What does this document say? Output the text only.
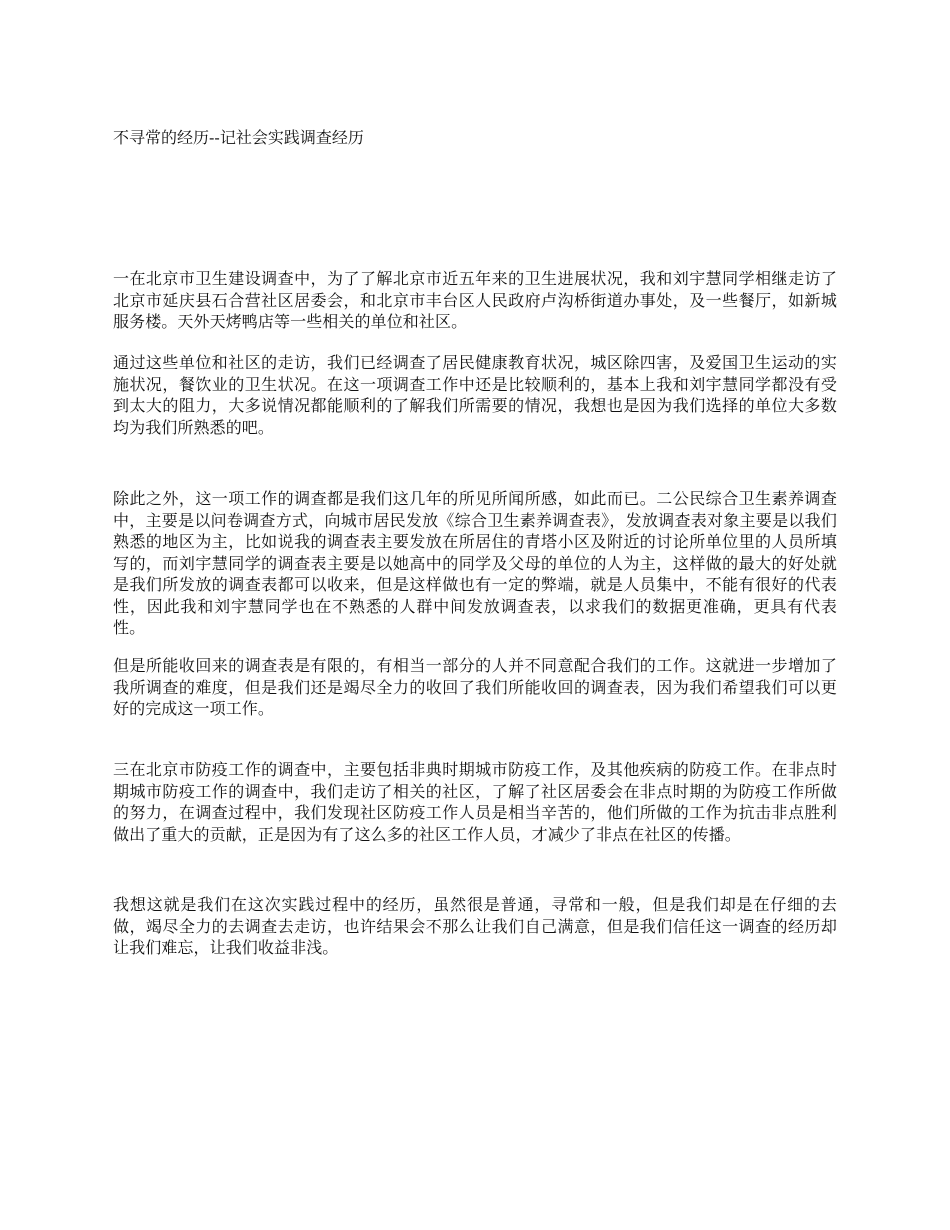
不寻常的经历--记社会实践调查经历

一在北京市卫生建设调查中，为了了解北京市近五年来的卫生进展状况，我和刘宇慧同学相继走访了北京市延庆县石合营社区居委会，和北京市丰台区人民政府卢沟桥街道办事处，及一些餐厅，如新城服务楼。天外天烤鸭店等一些相关的单位和社区。

通过这些单位和社区的走访，我们已经调查了居民健康教育状况，城区除四害，及爱国卫生运动的实施状况，餐饮业的卫生状况。在这一项调查工作中还是比较顺利的，基本上我和刘宇慧同学都没有受到太大的阻力，大多说情况都能顺利的了解我们所需要的情况，我想也是因为我们选择的单位大多数均为我们所熟悉的吧。

除此之外，这一项工作的调查都是我们这几年的所见所闻所感，如此而已。二公民综合卫生素养调查中，主要是以问卷调查方式，向城市居民发放《综合卫生素养调查表》，发放调查表对象主要是以我们熟悉的地区为主，比如说我的调查表主要发放在所居住的青塔小区及附近的讨论所单位里的人员所填写的，而刘宇慧同学的调查表主要是以她高中的同学及父母的单位的人为主，这样做的最大的好处就是我们所发放的调查表都可以收来，但是这样做也有一定的弊端，就是人员集中，不能有很好的代表性，因此我和刘宇慧同学也在不熟悉的人群中间发放调查表，以求我们的数据更准确，更具有代表性。

但是所能收回来的调查表是有限的，有相当一部分的人并不同意配合我们的工作。这就进一步增加了我所调查的难度，但是我们还是竭尽全力的收回了我们所能收回的调查表，因为我们希望我们可以更好的完成这一项工作。

三在北京市防疫工作的调查中，主要包括非典时期城市防疫工作，及其他疾病的防疫工作。在非点时期城市防疫工作的调查中，我们走访了相关的社区，了解了社区居委会在非点时期的为防疫工作所做的努力，在调查过程中，我们发现社区防疫工作人员是相当辛苦的，他们所做的工作为抗击非点胜利做出了重大的贡献，正是因为有了这么多的社区工作人员，才减少了非点在社区的传播。

我想这就是我们在这次实践过程中的经历，虽然很是普通，寻常和一般，但是我们却是在仔细的去做，竭尽全力的去调查去走访，也许结果会不那么让我们自己满意，但是我们信任这一调查的经历却让我们难忘，让我们收益非浅。
